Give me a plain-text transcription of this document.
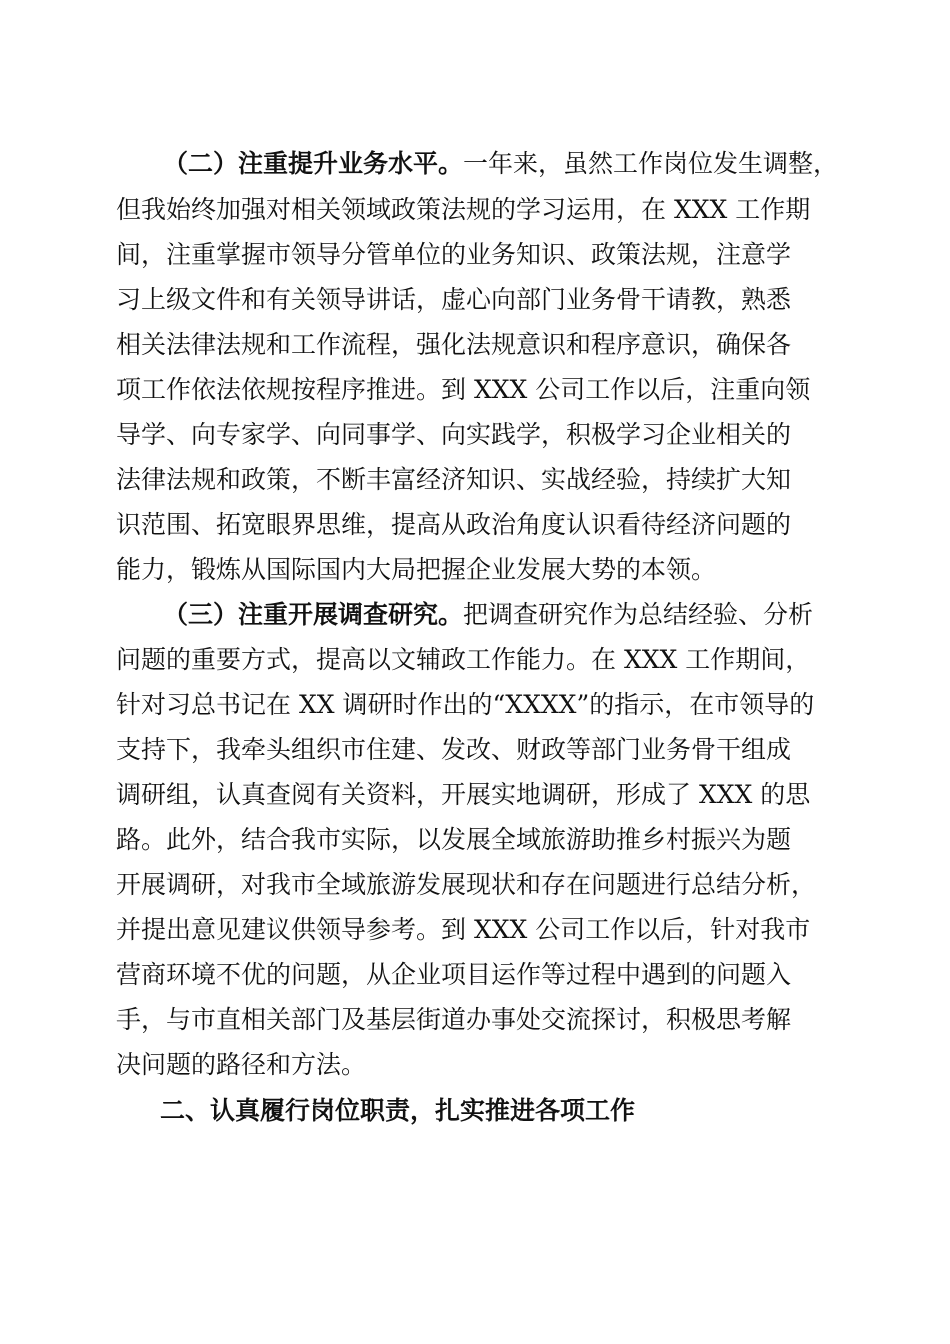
（二）注重提升业务水平。 一年来，虽然工作岗位发生调整，
但我始终加强对相关领域政策法规的学习运用，在 XXX 工作期
间，注重掌握市领导分管单位的业务知识、政策法规，注意学
习上级文件和有关领导讲话，虚心向部门业务骨干请教，熟悉
相关法律法规和工作流程，强化法规意识和程序意识，确保各
项工作依法依规按程序推进。到 XXX 公司工作以后，注重向领
导学、向专家学、向同事学、向实践学，积极学习企业相关的
法律法规和政策，不断丰富经济知识、实战经验，持续扩大知
识范围、拓宽眼界思维，提高从政治角度认识看待经济问题的
能力，锻炼从国际国内大局把握企业发展大势的本领。
（三）注重开展调查研究。 把调查研究作为总结经验、分析
问题的重要方式，提高以文辅政工作能力。在 XXX 工作期间，
针对习总书记在 XX 调研时作出的“XXXX”的指示，在市领导的
支持下，我牵头组织市住建、发改、财政等部门业务骨干组成
调研组，认真查阅有关资料，开展实地调研，形成了 XXX 的思
路。此外，结合我市实际，以发展全域旅游助推乡村振兴为题
开展调研，对我市全域旅游发展现状和存在问题进行总结分析，
并提出意见建议供领导参考。到 XXX 公司工作以后，针对我市
营商环境不优的问题，从企业项目运作等过程中遇到的问题入
手，与市直相关部门及基层街道办事处交流探讨，积极思考解
决问题的路径和方法。
二、认真履行岗位职责，扎实推进各项工作
